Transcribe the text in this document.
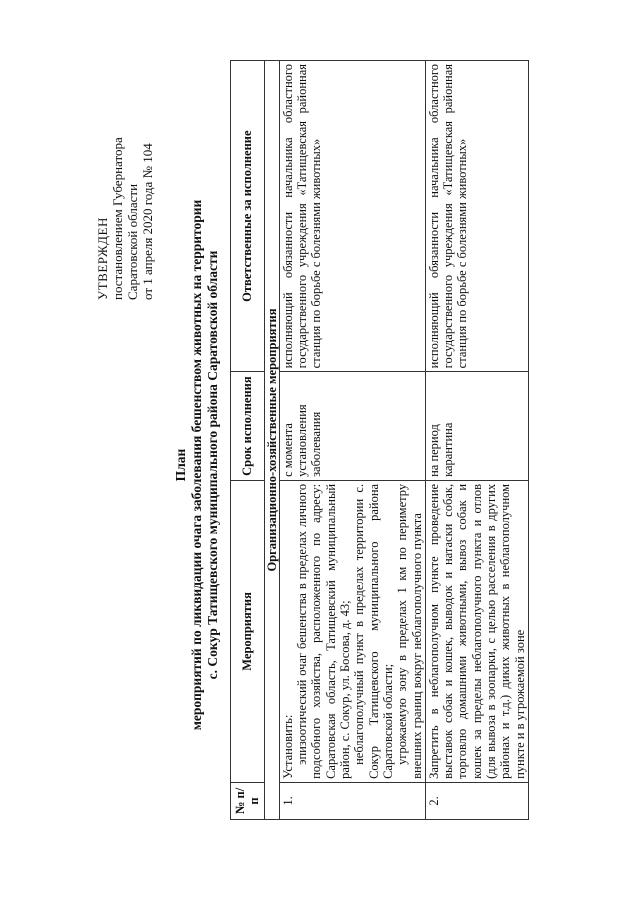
УТВЕРЖДЕН постановлением Губернатора Саратовской области от 1 апреля 2020 года № 104
План мероприятий по ликвидации очага заболевания бешенством животных на территории с. Сокур Татищевского муниципального района Саратовской области
№ п/п	Мероприятия	Срок исполнения	Ответственные за исполнение
Организационно-хозяйственные мероприятия			
1.	Установить: эпизоотический очаг бешенства в пределах личного подсобного хозяйства, расположенного по адресу: Саратовская область, Татищевский муниципальный район, с. Сокур, ул. Босова, д. 43; неблагополучный пункт в пределах территории с. Сокур Татищевского муниципального района Саратовской области; угрожаемую зону в пределах 1 км по периметру внешних границ вокруг неблагополучного пункта	с момента установления заболевания	исполняющий обязанности начальника областного государственного учреждения «Татищевская районная станция по борьбе с болезнями животных»
2.	Запретить в неблагополучном пункте проведение выставок собак и кошек, выводок и натаски собак, торговлю домашними животными, вывоз собак и кошек за пределы неблагополучного пункта и отлов (для вывоза в зоопарки, с целью расселения в других районах и т.д.) диких животных в неблагополучном пункте и в угрожаемой зоне	на период карантина	исполняющий обязанности начальника областного государственного учреждения «Татищевская районная станция по борьбе с болезнями животных»
